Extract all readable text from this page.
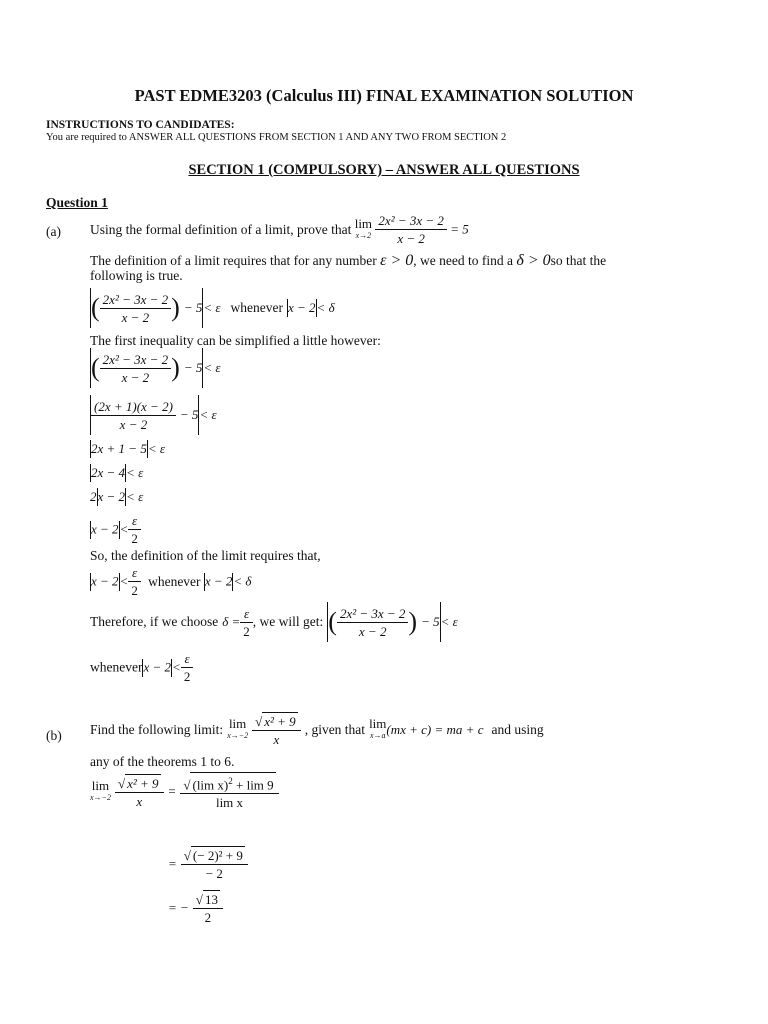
PAST EDME3203 (Calculus III) FINAL EXAMINATION SOLUTION
INSTRUCTIONS TO CANDIDATES:
You are required to ANSWER ALL QUESTIONS FROM SECTION 1 AND ANY TWO FROM SECTION 2
SECTION 1 (COMPULSORY) – ANSWER ALL QUESTIONS
Question 1
(a) Using the formal definition of a limit, prove that lim
x→2
$\frac{\text{2x² − 3x − 2}}{x - 2} = 5$
The definition of a limit requires that for any number ε > 0, we need to find a δ > 0so that the
following is true.
( $\frac{\text{2x² − 3x − 2}}{x - 2}$ ) − 5< ε whenever x − 2< δ
The first inequality can be simplified a little however:
( $\frac{\text{2x² − 3x − 2}}{x - 2}$ ) − 5< ε
$\frac{(2x + 1)(x - 2)}{x - 2} - 5< \varepsilon$
2x + 1 − 5< ε
2x − 4< ε
2x − 2< ε
$x - 2< \frac{\varepsilon}{2}$
So, the definition of the limit requires that,
$x - 2< \frac{\varepsilon}{2}$ whenever x − 2< δ
Therefore, if we choose $\delta = \frac{\varepsilon}{2}$ , we will get: ( $\frac{\text{2x² − 3x − 2}}{x - 2}$ ) − 5< ε
wheneverx − $2< \frac{\varepsilon}{2}$
(b) Find the following limit: lim
x→−2
$\frac{\text{√ x² + 9}}{x}$ , given that lim
x→a (mx + c) = ma + c and using
any of the theorems 1 to 6.
lim
x→−2
$\frac{\text{√ x² + 9}}{x} = \frac{√ (\lim x)^2 + \lim 9}{\text{lim x}}$
= $\frac{\text{√ (− 2)² + 9}}{- 2}$
= − $\frac{√ 13}{2}$
